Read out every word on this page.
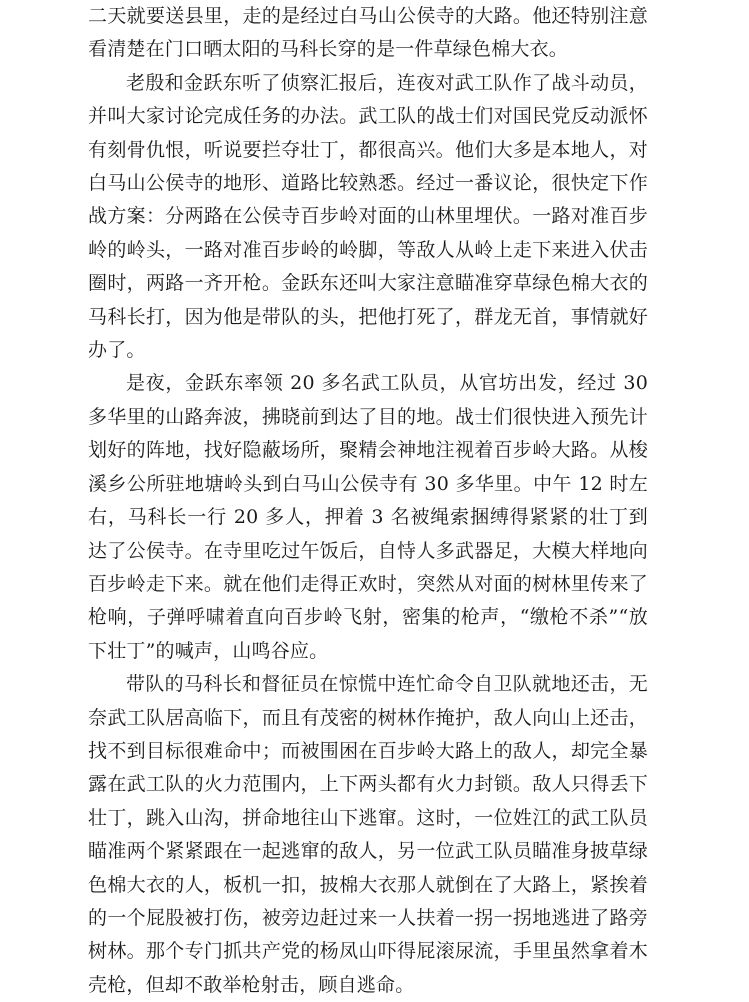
二天就要送县里，走的是经过白马山公侯寺的大路。他还特别注意看清楚在门口晒太阳的马科长穿的是一件草绿色棉大衣。

老殷和金跃东听了侦察汇报后，连夜对武工队作了战斗动员，并叫大家讨论完成任务的办法。武工队的战士们对国民党反动派怀有刻骨仇恨，听说要拦夺壮丁，都很高兴。他们大多是本地人，对白马山公侯寺的地形、道路比较熟悉。经过一番议论，很快定下作战方案：分两路在公侯寺百步岭对面的山林里埋伏。一路对准百步岭的岭头，一路对准百步岭的岭脚，等敌人从岭上走下来进入伏击圈时，两路一齐开枪。金跃东还叫大家注意瞄准穿草绿色棉大衣的马科长打，因为他是带队的头，把他打死了，群龙无首，事情就好办了。

是夜，金跃东率领 20 多名武工队员，从官坊出发，经过 30 多华里的山路奔波，拂晓前到达了目的地。战士们很快进入预先计划好的阵地，找好隐蔽场所，聚精会神地注视着百步岭大路。从梭溪乡公所驻地塘岭头到白马山公侯寺有 30 多华里。中午 12 时左右，马科长一行 20 多人，押着 3 名被绳索捆缚得紧紧的壮丁到达了公侯寺。在寺里吃过午饭后，自恃人多武器足，大模大样地向百步岭走下来。就在他们走得正欢时，突然从对面的树林里传来了枪响，子弹呼啸着直向百步岭飞射，密集的枪声，“缴枪不杀”“放下壮丁”的喊声，山鸣谷应。

带队的马科长和督征员在惊慌中连忙命令自卫队就地还击，无奈武工队居高临下，而且有茂密的树林作掩护，敌人向山上还击，找不到目标很难命中；而被围困在百步岭大路上的敌人，却完全暴露在武工队的火力范围内，上下两头都有火力封锁。敌人只得丢下壮丁，跳入山沟，拼命地往山下逃窜。这时，一位姓江的武工队员瞄准两个紧紧跟在一起逃窜的敌人，另一位武工队员瞄准身披草绿色棉大衣的人，板机一扣，披棉大衣那人就倒在了大路上，紧挨着的一个屁股被打伤，被旁边赶过来一人扶着一拐一拐地逃进了路旁树林。那个专门抓共产党的杨凤山吓得屁滚尿流，手里虽然拿着木壳枪，但却不敢举枪射击，顾自逃命。
